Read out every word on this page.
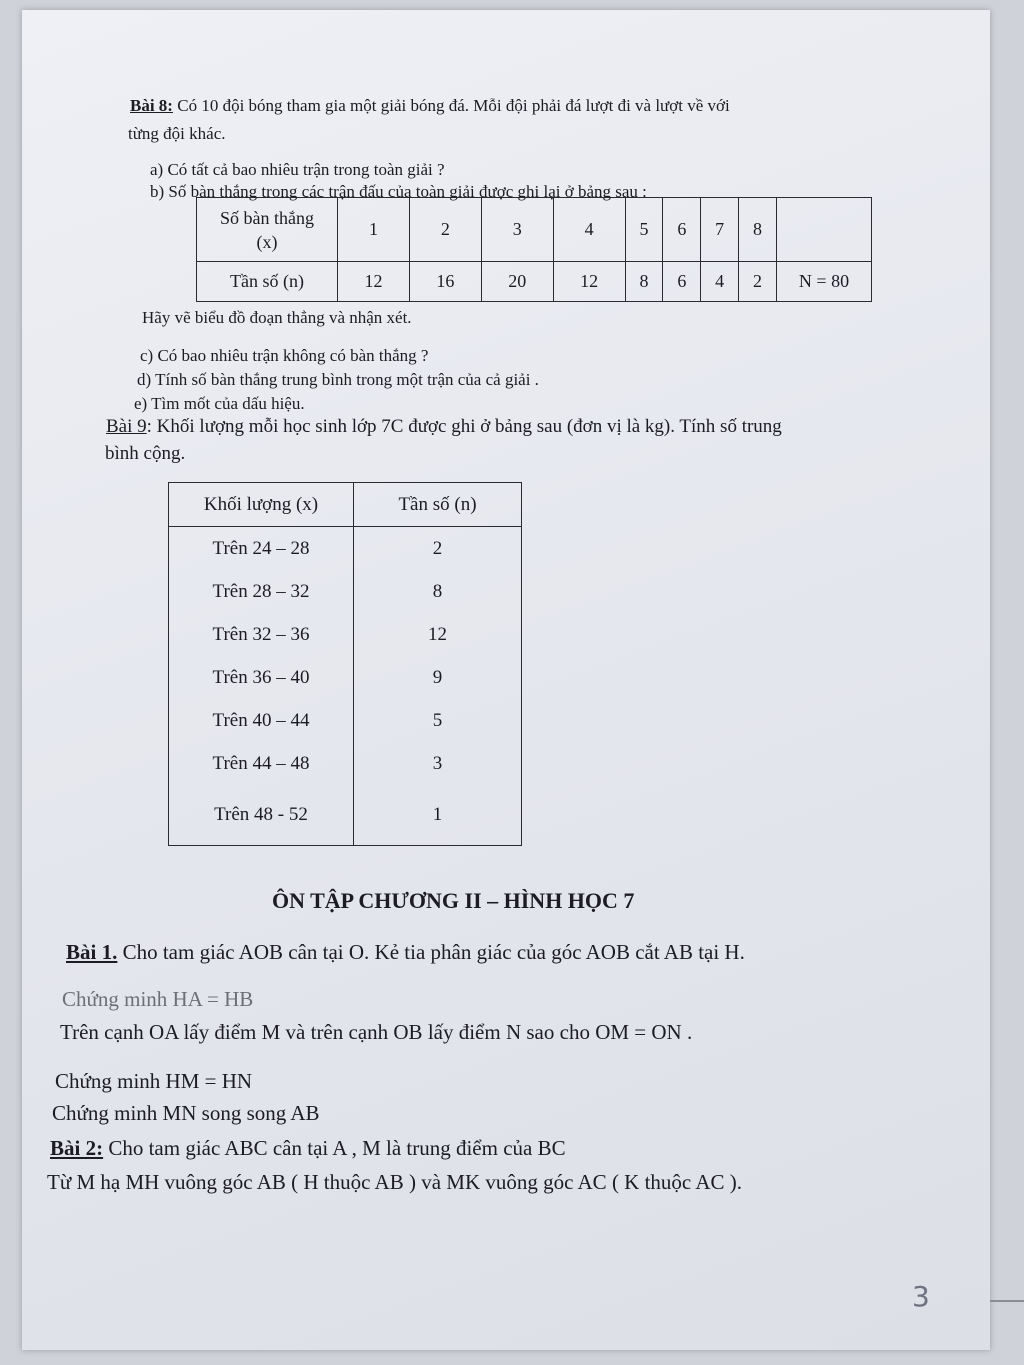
Bài 8: Có 10 đội bóng tham gia một giải bóng đá. Mỗi đội phải đá lượt đi và lượt về với
từng đội khác.
a) Có tất cả bao nhiêu trận trong toàn giải ?
b) Số bàn thắng trong các trận đấu của toàn giải được ghi lại ở bảng sau :
Số bàn thắng
(x)	1	2	3	4	5	6	7	8	
Tần số (n)	12	16	20	12	8	6	4	2	N = 80
Hãy vẽ biểu đồ đoạn thẳng và nhận xét.
c) Có bao nhiêu trận không có bàn thắng ?
d) Tính số bàn thắng trung bình trong một trận của cả giải .
e) Tìm mốt của dấu hiệu.
Bài 9: Khối lượng mỗi học sinh lớp 7C được ghi ở bảng sau (đơn vị là kg). Tính số trung
bình cộng.
Khối lượng (x)	Tần số (n)
Trên 24 – 28	2
Trên 28 – 32	8
Trên 32 – 36	12
Trên 36 – 40	9
Trên 40 – 44	5
Trên 44 – 48	3
Trên 48 - 52	1
ÔN TẬP CHƯƠNG II – HÌNH HỌC 7
Bài 1. Cho tam giác AOB cân tại O. Kẻ tia phân giác của góc AOB cắt AB tại H.
Chứng minh HA = HB
Trên cạnh OA lấy điểm M và trên cạnh OB lấy điểm N sao cho OM = ON .
Chứng minh HM = HN
Chứng minh MN song song AB
Bài 2: Cho tam giác ABC cân tại A , M là trung điểm của BC
Từ M hạ MH vuông góc AB ( H thuộc AB ) và MK vuông góc AC ( K thuộc AC ).
3
